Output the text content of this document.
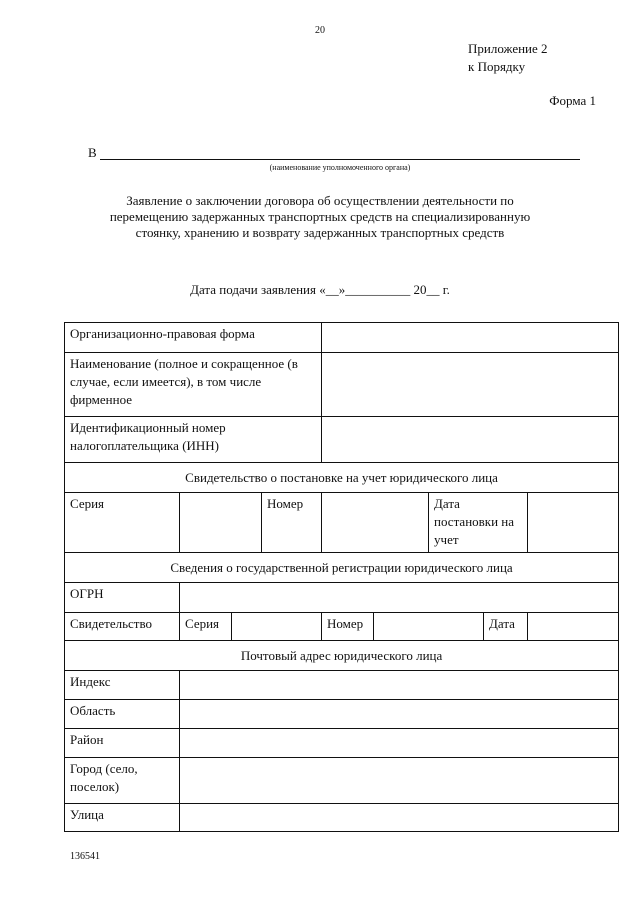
20
Приложение 2
к Порядку
Форма 1
В
(наименование уполномоченного органа)
Заявление о заключении договора об осуществлении деятельности по перемещению задержанных транспортных средств на специализированную стоянку, хранению и возврату задержанных транспортных средств
Дата подачи заявления «__»__________ 20__ г.
Организационно-правовая форма								
Наименование (полное и сокращенное (в случае, если имеется), в том числе фирменное								
Идентификационный номер налогоплательщика (ИНН)								
Свидетельство о постановке на учет юридического лица								
Серия			Номер			Дата постановки на учет		
Сведения о государственной регистрации юридического лица								
ОГРН								
Свидетельство	Серия			Номер			Дата	
Почтовый адрес юридического лица								
Индекс								
Область								
Район								
Город (село, поселок)								
Улица								
136541
